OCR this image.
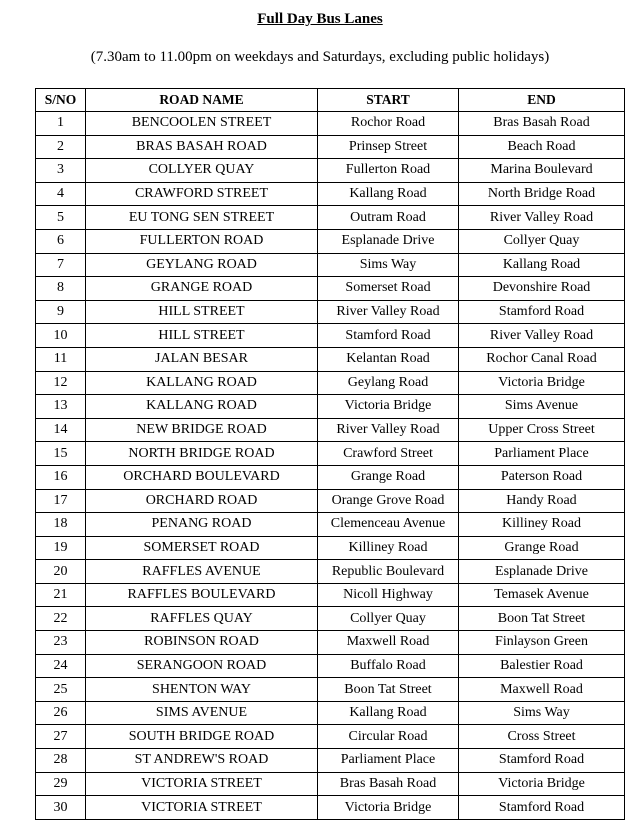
Full Day Bus Lanes
(7.30am to 11.00pm on weekdays and Saturdays, excluding public holidays)
S/NO	ROAD NAME	START	END
1	BENCOOLEN STREET	Rochor Road	Bras Basah Road
2	BRAS BASAH ROAD	Prinsep Street	Beach Road
3	COLLYER QUAY	Fullerton Road	Marina Boulevard
4	CRAWFORD STREET	Kallang Road	North Bridge Road
5	EU TONG SEN STREET	Outram Road	River Valley Road
6	FULLERTON ROAD	Esplanade Drive	Collyer Quay
7	GEYLANG ROAD	Sims Way	Kallang Road
8	GRANGE ROAD	Somerset Road	Devonshire Road
9	HILL STREET	River Valley Road	Stamford Road
10	HILL STREET	Stamford Road	River Valley Road
11	JALAN BESAR	Kelantan Road	Rochor Canal Road
12	KALLANG ROAD	Geylang Road	Victoria Bridge
13	KALLANG ROAD	Victoria Bridge	Sims Avenue
14	NEW BRIDGE ROAD	River Valley Road	Upper Cross Street
15	NORTH BRIDGE ROAD	Crawford Street	Parliament Place
16	ORCHARD BOULEVARD	Grange Road	Paterson Road
17	ORCHARD ROAD	Orange Grove Road	Handy Road
18	PENANG ROAD	Clemenceau Avenue	Killiney Road
19	SOMERSET ROAD	Killiney Road	Grange Road
20	RAFFLES AVENUE	Republic Boulevard	Esplanade Drive
21	RAFFLES BOULEVARD	Nicoll Highway	Temasek Avenue
22	RAFFLES QUAY	Collyer Quay	Boon Tat Street
23	ROBINSON ROAD	Maxwell Road	Finlayson Green
24	SERANGOON ROAD	Buffalo Road	Balestier Road
25	SHENTON WAY	Boon Tat Street	Maxwell Road
26	SIMS AVENUE	Kallang Road	Sims Way
27	SOUTH BRIDGE ROAD	Circular Road	Cross Street
28	ST ANDREW'S ROAD	Parliament Place	Stamford Road
29	VICTORIA STREET	Bras Basah Road	Victoria Bridge
30	VICTORIA STREET	Victoria Bridge	Stamford Road
